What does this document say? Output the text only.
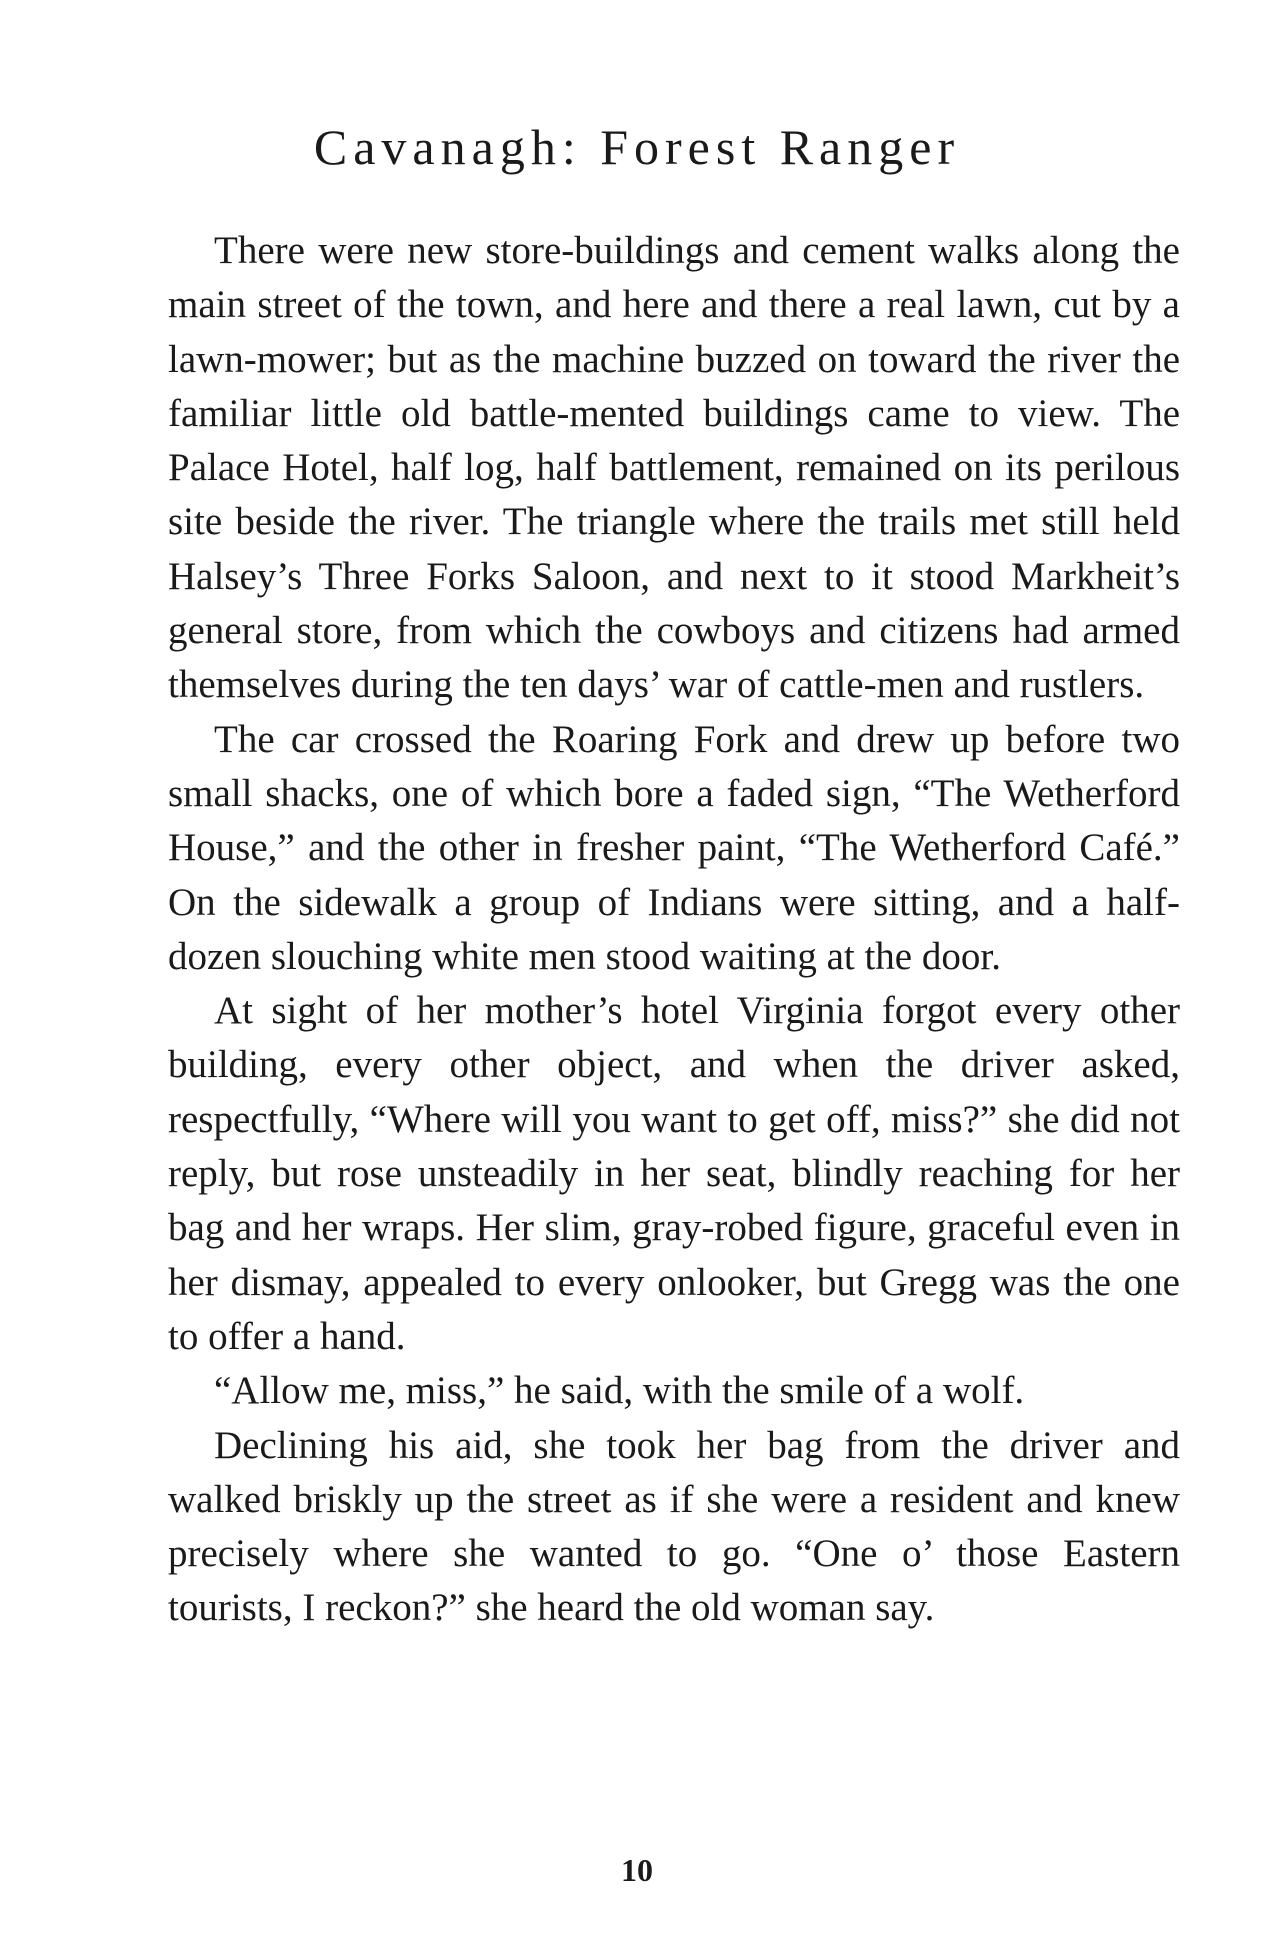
Cavanagh: Forest Ranger

There were new store-buildings and cement walks along the main street of the town, and here and there a real lawn, cut by a lawn-mower; but as the machine buzzed on toward the river the familiar little old battle-mented buildings came to view. The Palace Hotel, half log, half battlement, remained on its perilous site beside the river. The triangle where the trails met still held Halsey’s Three Forks Saloon, and next to it stood Markheit’s general store, from which the cowboys and citizens had armed themselves during the ten days’ war of cattle-men and rustlers.

The car crossed the Roaring Fork and drew up before two small shacks, one of which bore a faded sign, “The Wetherford House,” and the other in fresher paint, “The Wetherford Café.” On the sidewalk a group of Indians were sitting, and a half-dozen slouching white men stood waiting at the door.

At sight of her mother’s hotel Virginia forgot every other building, every other object, and when the driver asked, respectfully, “Where will you want to get off, miss?” she did not reply, but rose unsteadily in her seat, blindly reaching for her bag and her wraps. Her slim, gray-robed figure, graceful even in her dismay, appealed to every onlooker, but Gregg was the one to offer a hand.

“Allow me, miss,” he said, with the smile of a wolf.

Declining his aid, she took her bag from the driver and walked briskly up the street as if she were a resident and knew precisely where she wanted to go. “One o’ those Eastern tourists, I reckon?” she heard the old woman say.

10
